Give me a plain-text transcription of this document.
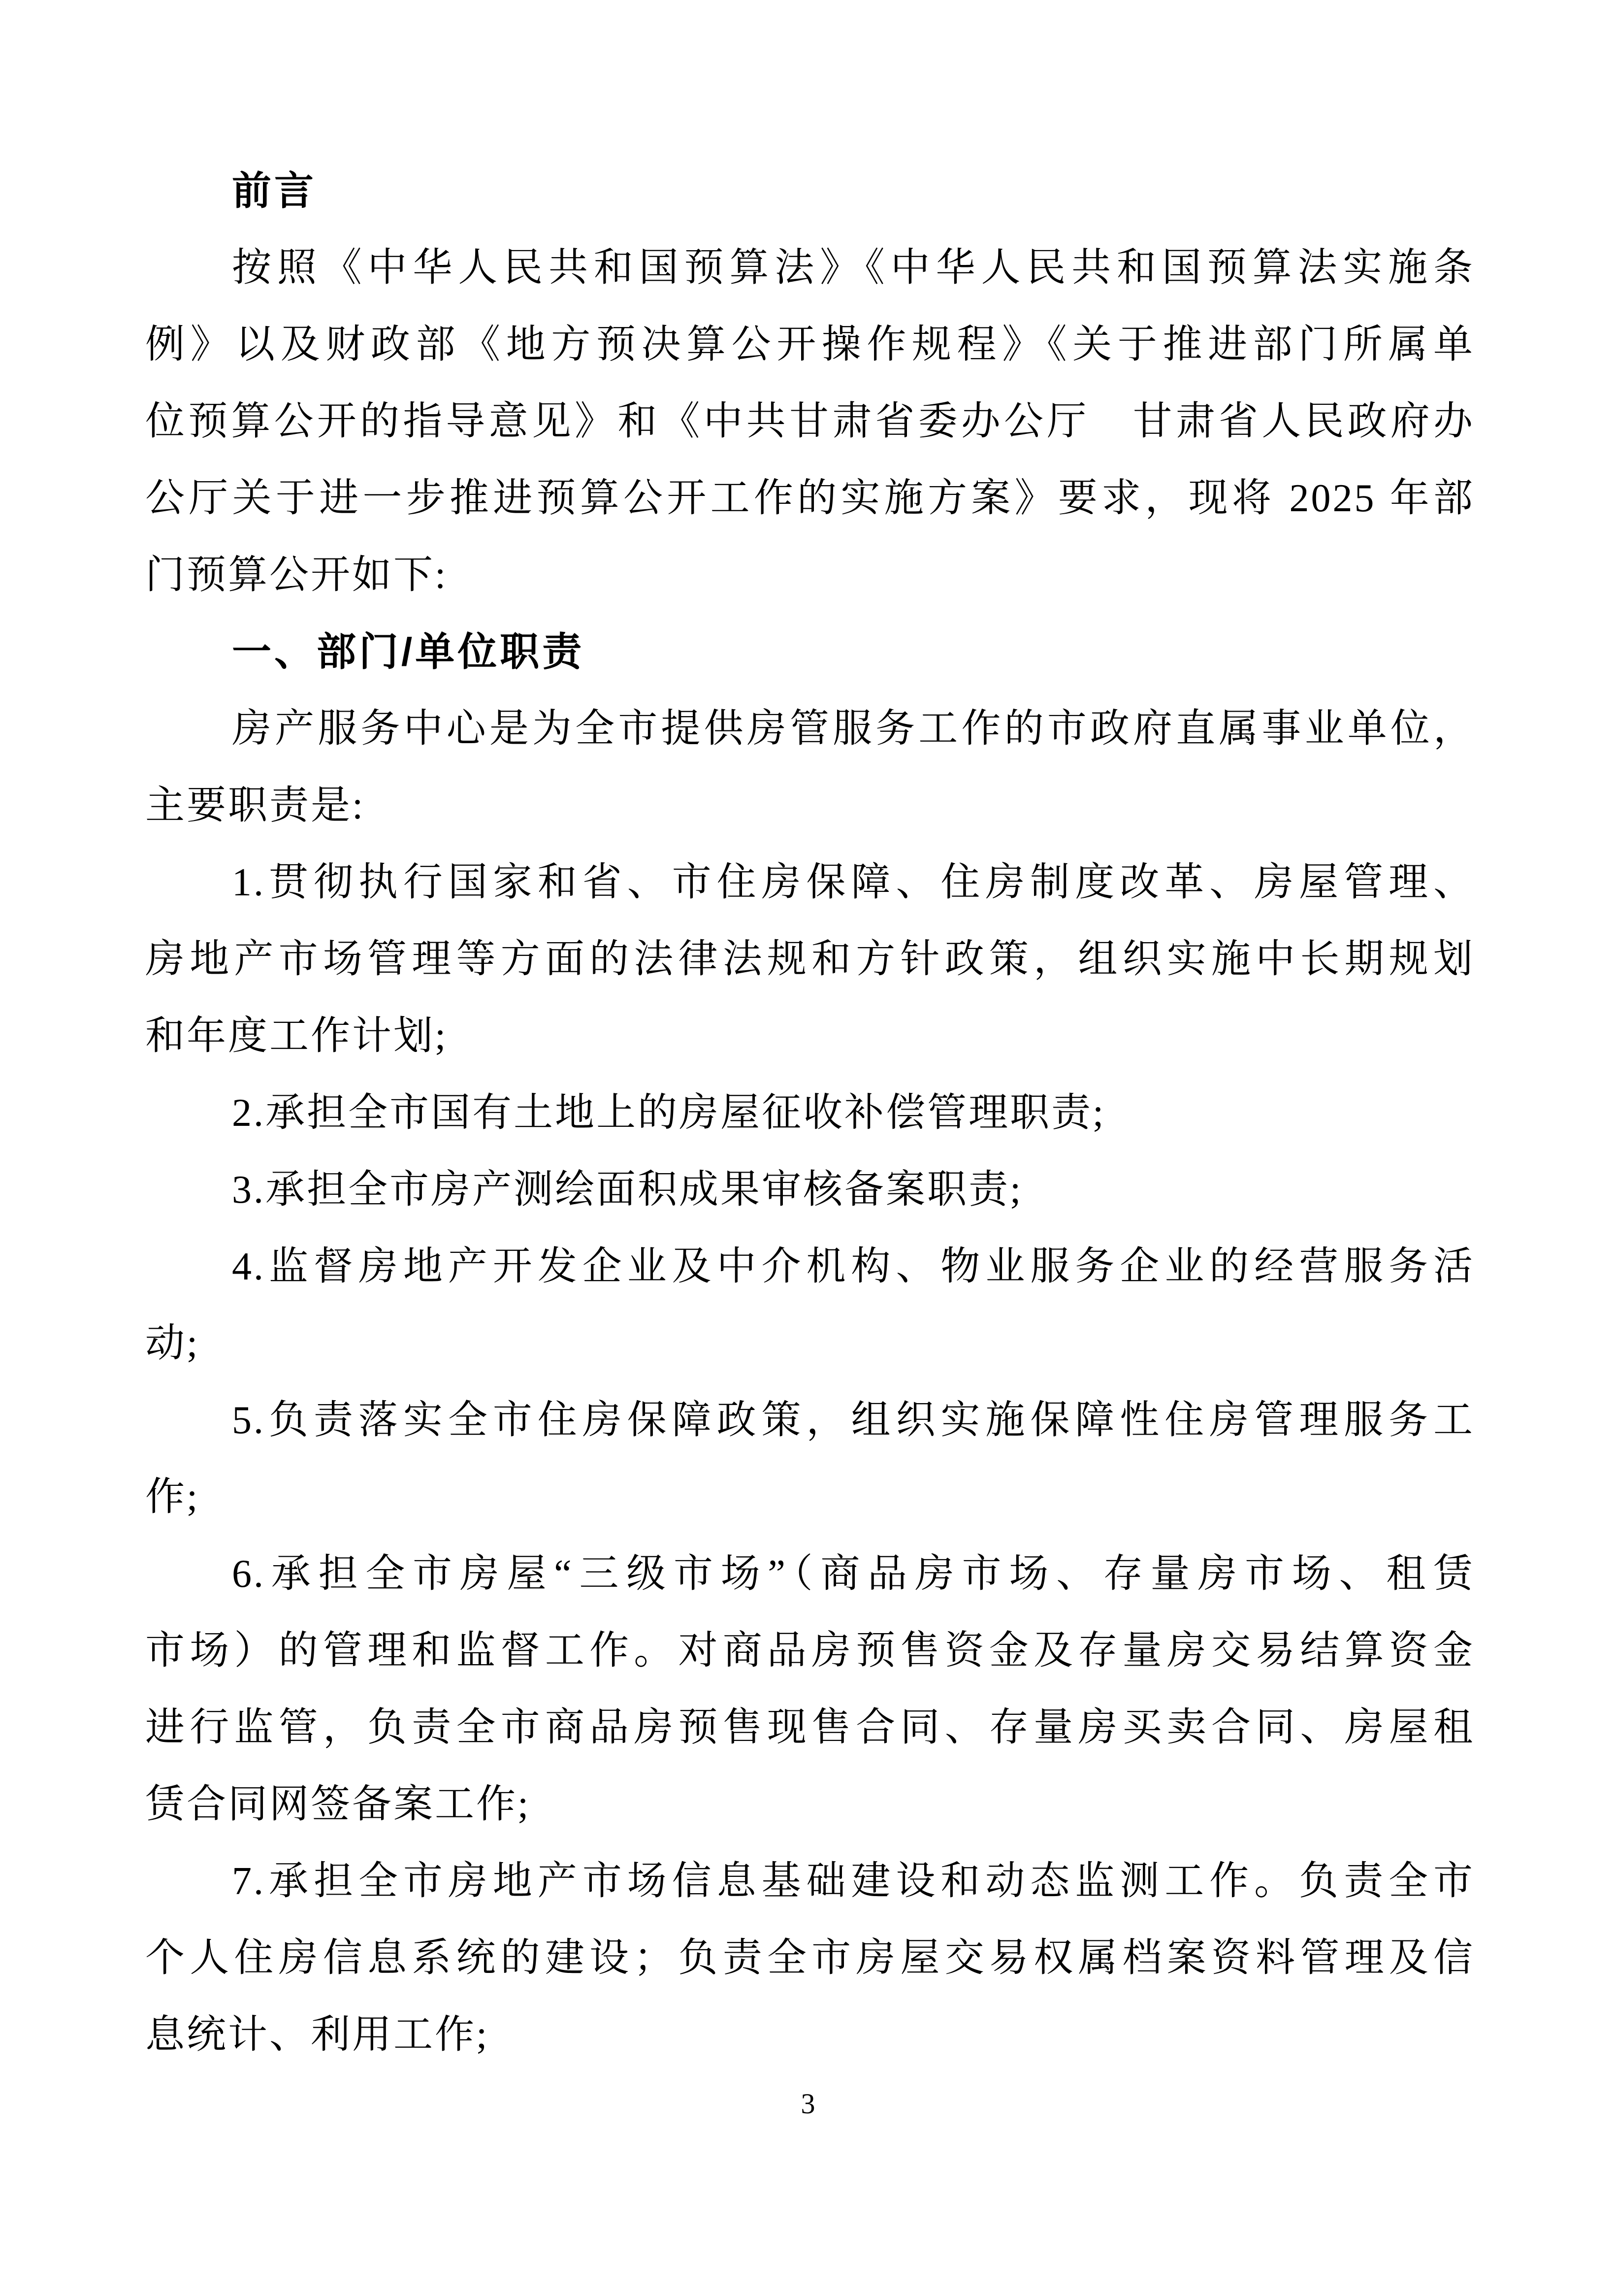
前言
按照《中华人民共和国预算法》《中华人民共和国预算法实施条
例》以及财政部《地方预决算公开操作规程》《关于推进部门所属单
位预算公开的指导意见》和《中共甘肃省委办公厅　甘肃省人民政府办
公厅关于进一步推进预算公开工作的实施方案》要求，现将 2025 年部
门预算公开如下:
一、部门/单位职责
房产服务中心是为全市提供房管服务工作的市政府直属事业单位，
主要职责是:
1.贯彻执行国家和省、市住房保障、住房制度改革、房屋管理、
房地产市场管理等方面的法律法规和方针政策，组织实施中长期规划
和年度工作计划;
2.承担全市国有土地上的房屋征收补偿管理职责;
3.承担全市房产测绘面积成果审核备案职责;
4.监督房地产开发企业及中介机构、物业服务企业的经营服务活
动;
5.负责落实全市住房保障政策，组织实施保障性住房管理服务工
作;
6.承担全市房屋“三级市场”（商品房市场、存量房市场、租赁
市场）的管理和监督工作。对商品房预售资金及存量房交易结算资金
进行监管，负责全市商品房预售现售合同、存量房买卖合同、房屋租
赁合同网签备案工作;
7.承担全市房地产市场信息基础建设和动态监测工作。负责全市
个人住房信息系统的建设；负责全市房屋交易权属档案资料管理及信
息统计、利用工作;
3
